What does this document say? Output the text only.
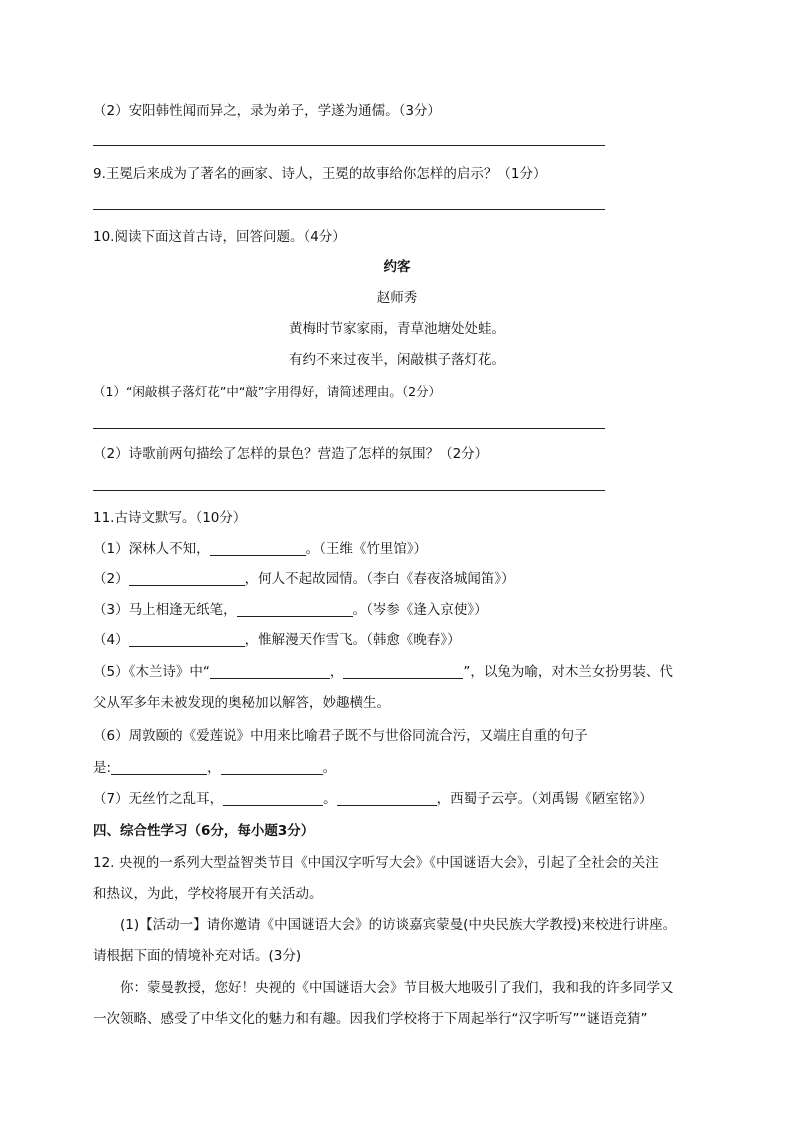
（2）安阳韩性闻而异之，录为弟子，学遂为通儒。（3分）
9.王冕后来成为了著名的画家、诗人，王冕的故事给你怎样的启示？（1分）
10.阅读下面这首古诗，回答问题。（4分）
约客
赵师秀
黄梅时节家家雨，青草池塘处处蛙。
有约不来过夜半，闲敲棋子落灯花。
（1）“闲敲棋子落灯花”中“敲”字用得好，请简述理由。（2分）
（2）诗歌前两句描绘了怎样的景色？营造了怎样的氛围？（2分）
11.古诗文默写。（10分）
（1）深林人不知，	。（王维《竹里馆》）
（2）	，何人不起故园情。（李白《春夜洛城闻笛》）
（3）马上相逢无纸笔，	。（岑参《逢入京使》）
（4）	，惟解漫天作雪飞。（韩愈《晚春》）
（5）《木兰诗》中“	，	”，以兔为喻，对木兰女扮男装、代
父从军多年未被发现的奥秘加以解答，妙趣横生。
（6）周敦颐的《爱莲说》中用来比喻君子既不与世俗同流合污，又端庄自重的句子
是:	，	。
（7）无丝竹之乱耳，	。	，西蜀子云亭。（刘禹锡《陋室铭》）
四、综合性学习（6分，每小题3分）
12. 央视的一系列大型益智类节目《中国汉字听写大会》《中国谜语大会》，引起了全社会的关注
和热议，为此，学校将展开有关活动。
(1)【活动一】请你邀请《中国谜语大会》的访谈嘉宾蒙曼(中央民族大学教授)来校进行讲座。
请根据下面的情境补充对话。(3分)
你：蒙曼教授，您好！央视的《中国谜语大会》节目极大地吸引了我们，我和我的许多同学又
一次领略、感受了中华文化的魅力和有趣。因我们学校将于下周起举行“汉字听写”“谜语竞猜”
